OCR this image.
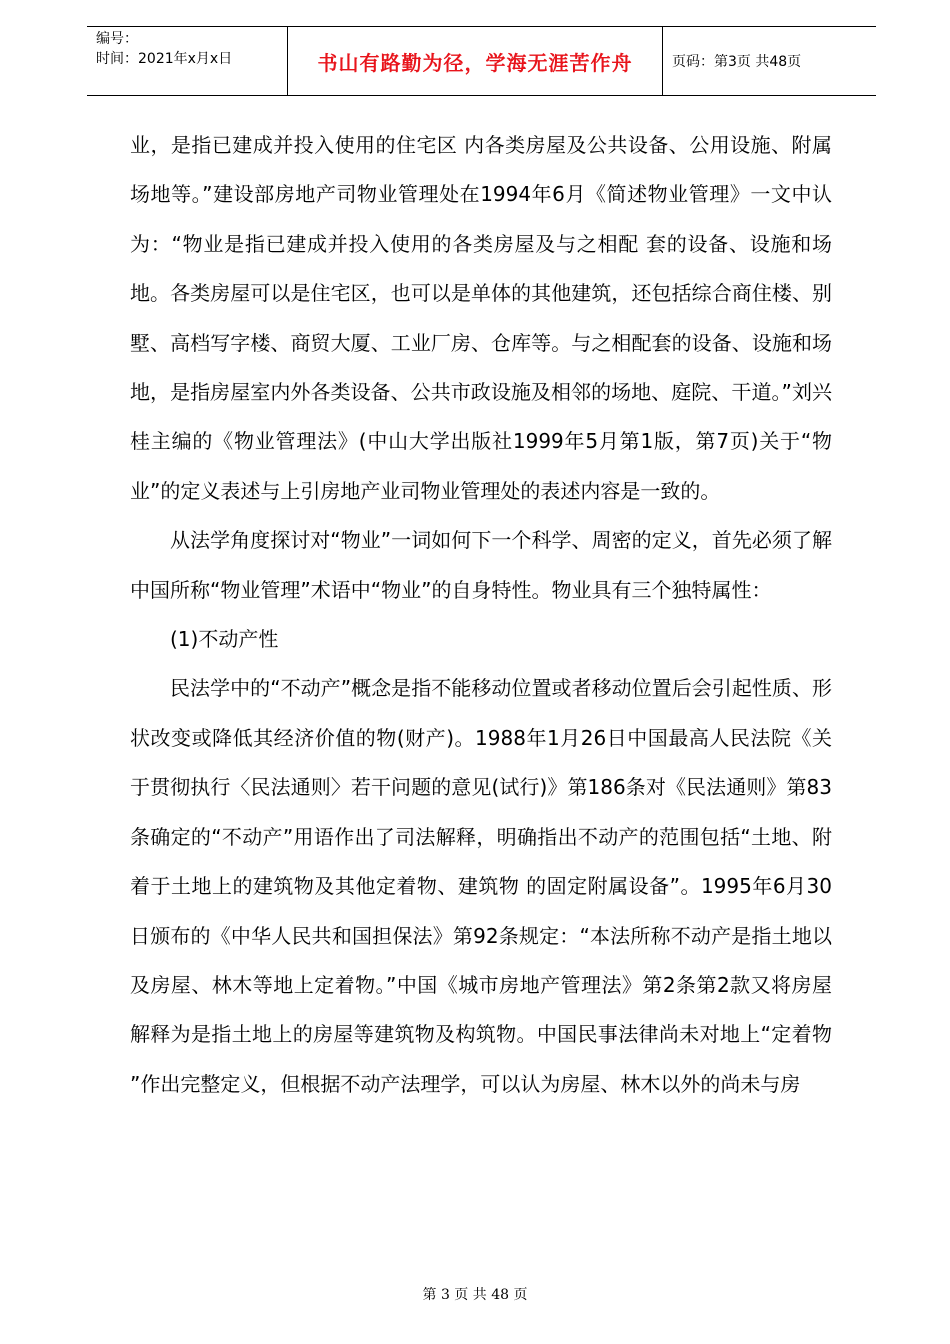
编号：
时间：2021年x月x日	书山有路勤为径，学海无涯苦作舟	页码：第3页 共48页

业，是指已建成并投入使用的住宅区 内各类房屋及公共设备、公用设施、附属场地等。”建设部房地产司物业管理处在1994年6月《简述物业管理》一文中认为：“物业是指已建成并投入使用的各类房屋及与之相配 套的设备、设施和场地。各类房屋可以是住宅区，也可以是单体的其他建筑，还包括综合商住楼、别墅、高档写字楼、商贸大厦、工业厂房、仓库等。与之相配套的设备、设施和场地，是指房屋室内外各类设备、公共市政设施及相邻的场地、庭院、干道。”刘兴桂主编的《物业管理法》(中山大学出版社1999年5月第1版，第7页)关于“物业”的定义表述与上引房地产业司物业管理处的表述内容是一致的。

从法学角度探讨对“物业”一词如何下一个科学、周密的定义，首先必须了解中国所称“物业管理”术语中“物业”的自身特性。物业具有三个独特属性：

(1)不动产性

民法学中的“不动产”概念是指不能移动位置或者移动位置后会引起性质、形状改变或降低其经济价值的物(财产)。1988年1月26日中国最高人民法院《关于贯彻执行〈民法通则〉若干问题的意见(试行)》第186条对《民法通则》第83条确定的“不动产”用语作出了司法解释，明确指出不动产的范围包括“土地、附着于土地上的建筑物及其他定着物、建筑物 的固定附属设备”。1995年6月30日颁布的《中华人民共和国担保法》第92条规定：“本法所称不动产是指土地以及房屋、林木等地上定着物。”中国《城市房地产管理法》第2条第2款又将房屋解释为是指土地上的房屋等建筑物及构筑物。中国民事法律尚未对地上“定着物 ”作出完整定义，但根据不动产法理学，可以认为房屋、林木以外的尚未与房

第 3 页 共 48 页
